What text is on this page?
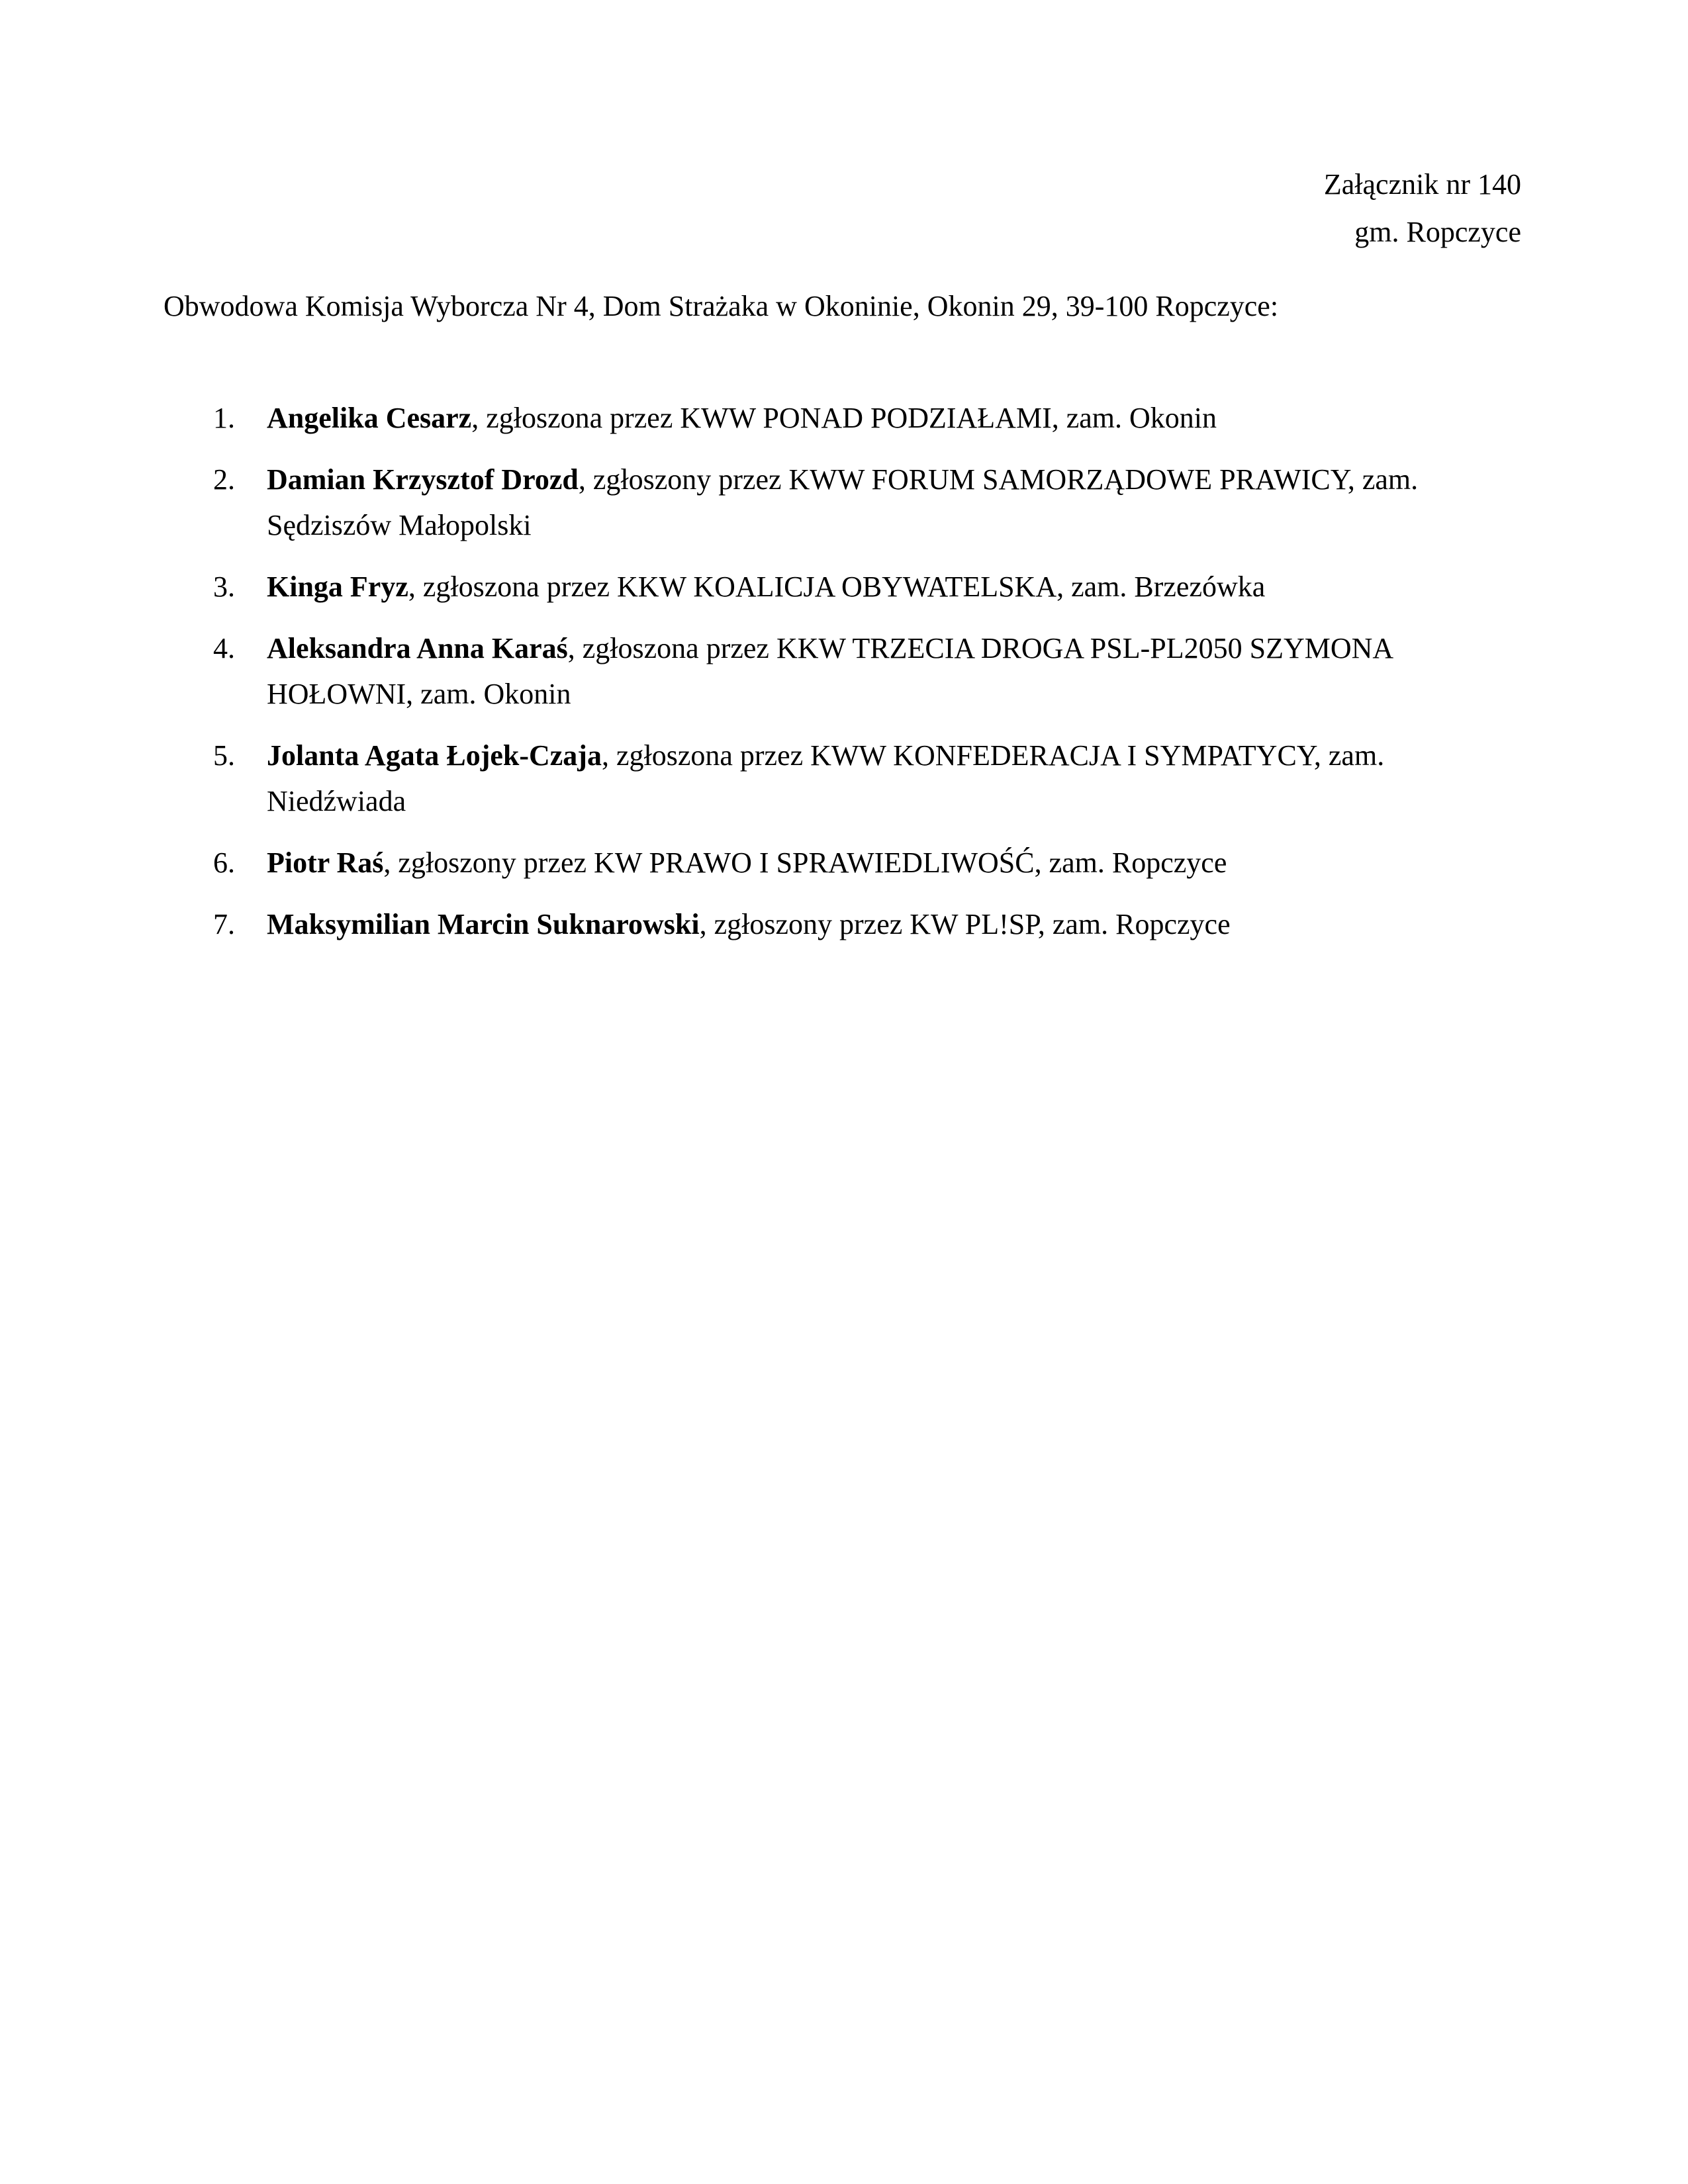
Załącznik nr 140
gm. Ropczyce
Obwodowa Komisja Wyborcza Nr 4, Dom Strażaka w Okoninie, Okonin 29, 39-100 Ropczyce:
1. Angelika Cesarz, zgłoszona przez KWW PONAD PODZIAŁAMI, zam. Okonin
2. Damian Krzysztof Drozd, zgłoszony przez KWW FORUM SAMORZĄDOWE PRAWICY, zam. Sędziszów Małopolski
3. Kinga Fryz, zgłoszona przez KKW KOALICJA OBYWATELSKA, zam. Brzezówka
4. Aleksandra Anna Karaś, zgłoszona przez KKW TRZECIA DROGA PSL-PL2050 SZYMONA HOŁOWNI, zam. Okonin
5. Jolanta Agata Łojek-Czaja, zgłoszona przez KWW KONFEDERACJA I SYMPATYCY, zam. Niedźwiada
6. Piotr Raś, zgłoszony przez KW PRAWO I SPRAWIEDLIWOŚĆ, zam. Ropczyce
7. Maksymilian Marcin Suknarowski, zgłoszony przez KW PL!SP, zam. Ropczyce
